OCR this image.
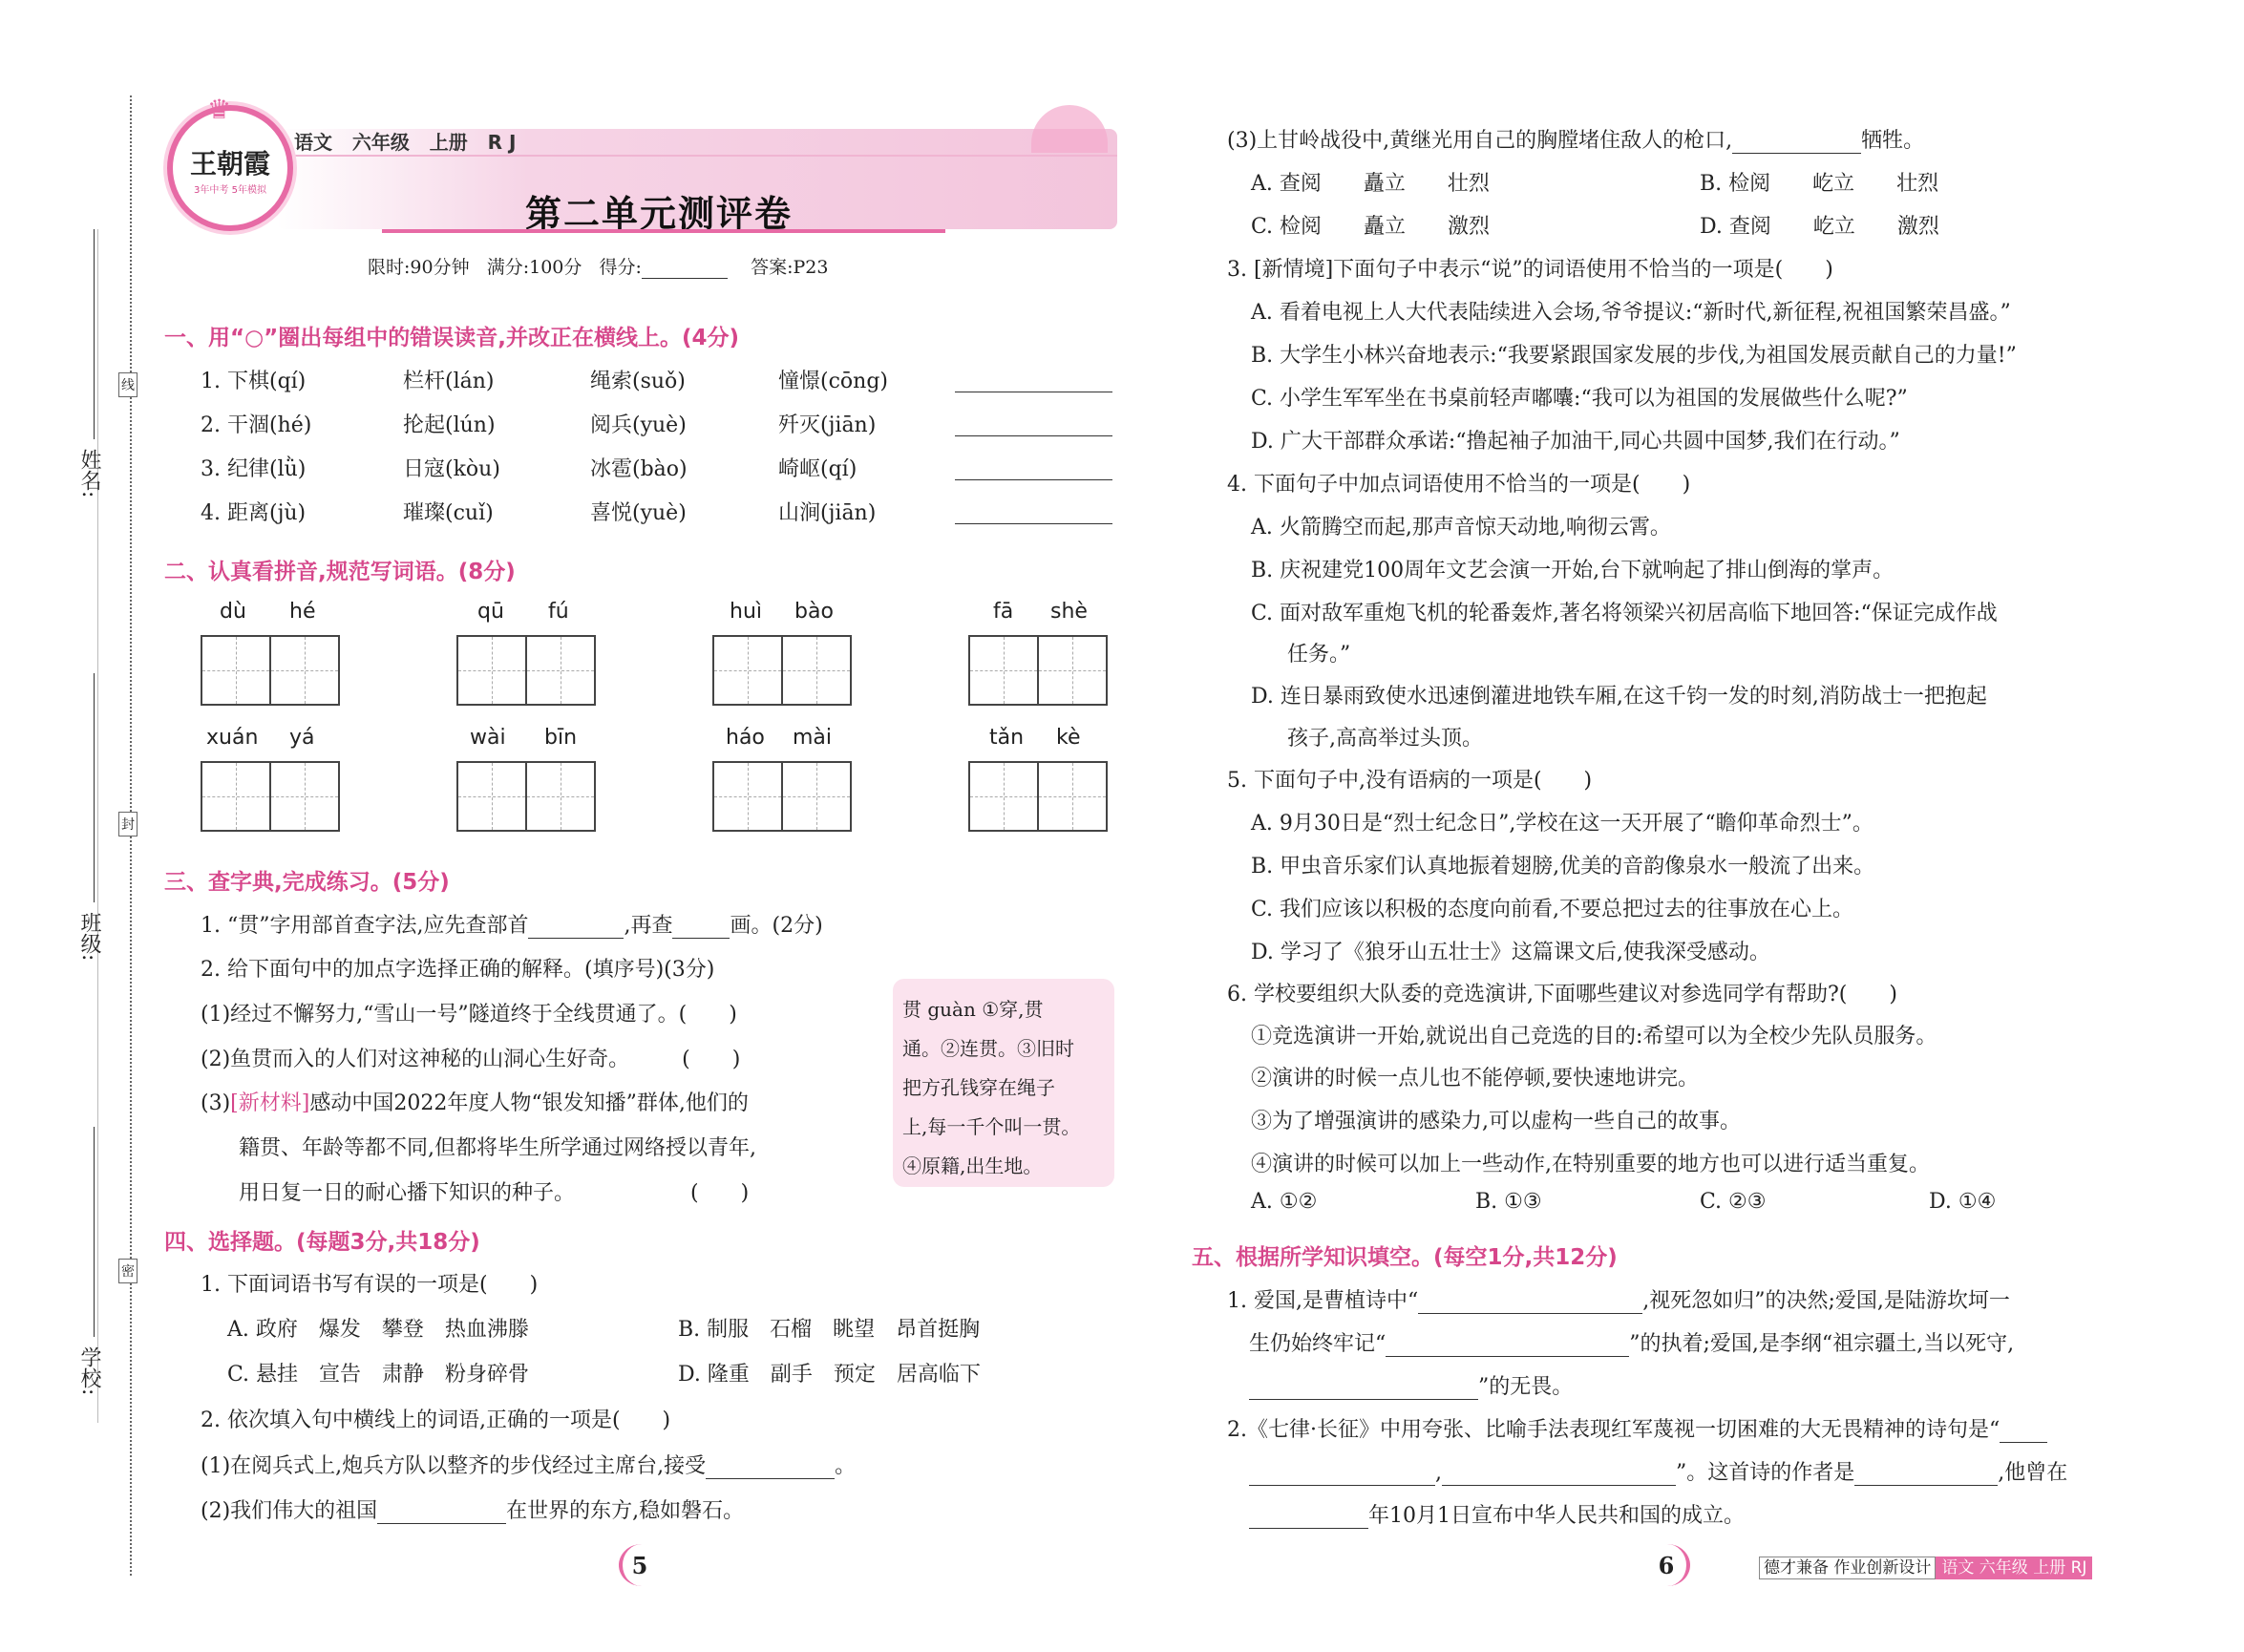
姓名:
班级:
学校:
线
封
密
♛
王朝霞
3年中考 5年模拟
语文 六年级 上册 R J
第二单元测评卷
限时:90分钟 满分:100分 得分:	答案:P23
一、用“○”圈出每组中的错误读音,并改正在横线上。(4分)
1. 下棋(qí)	栏杆(lán)	绳索(suǒ)	憧憬(cōng)
2. 干涸(hé)	抡起(lún)	阅兵(yuè)	歼灭(jiān)
3. 纪律(lǜ)	日寇(kòu)	冰雹(bào)	崎岖(qí)
4. 距离(jù)	璀璨(cuǐ)	喜悦(yuè)	山涧(jiān)
二、认真看拼音,规范写词语。(8分)
dù hé	qū fú	huì bào	fā shè
xuán yá	wài bīn	háo mài	tǎn kè
三、查字典,完成练习。(5分)
1. “贯”字用部首查字法,应先查部首	,再查	画。(2分)
2. 给下面句中的加点字选择正确的解释。(填序号)(3分)
(1)经过不懈努力,“雪山一号”隧道终于全线贯通了。(　　)
(2)鱼贯而入的人们对这神秘的山洞心生好奇。　　　(　　)
(3)[新材料]感动中国2022年度人物“银发知播”群体,他们的
籍贯、年龄等都不同,但都将毕生所学通过网络授以青年,
用日复一日的耐心播下知识的种子。　　　　　　(　　)
贯 guàn ①穿,贯
通。②连贯。③旧时
把方孔钱穿在绳子
上,每一千个叫一贯。
④原籍,出生地。
四、选择题。(每题3分,共18分)
1. 下面词语书写有误的一项是(　　)
A. 政府　爆发　攀登　热血沸滕	B. 制服　石榴　眺望　昂首挺胸
C. 悬挂　宣告　肃静　粉身碎骨	D. 隆重　副手　预定　居高临下
2. 依次填入句中横线上的词语,正确的一项是(　　)
(1)在阅兵式上,炮兵方队以整齐的步伐经过主席台,接受	。
(2)我们伟大的祖国	在世界的东方,稳如磐石。
5
(3)上甘岭战役中,黄继光用自己的胸膛堵住敌人的枪口,	牺牲。
A. 查阅　　矗立　　壮烈	B. 检阅　　屹立　　壮烈
C. 检阅　　矗立　　激烈	D. 查阅　　屹立　　激烈
3. [新情境]下面句子中表示“说”的词语使用不恰当的一项是(　　)
A. 看着电视上人大代表陆续进入会场,爷爷提议:“新时代,新征程,祝祖国繁荣昌盛。”
B. 大学生小林兴奋地表示:“我要紧跟国家发展的步伐,为祖国发展贡献自己的力量!”
C. 小学生军军坐在书桌前轻声嘟囔:“我可以为祖国的发展做些什么呢?”
D. 广大干部群众承诺:“撸起袖子加油干,同心共圆中国梦,我们在行动。”
4. 下面句子中加点词语使用不恰当的一项是(　　)
A. 火箭腾空而起,那声音惊天动地,响彻云霄。
B. 庆祝建党100周年文艺会演一开始,台下就响起了排山倒海的掌声。
C. 面对敌军重炮飞机的轮番轰炸,著名将领梁兴初居高临下地回答:“保证完成作战
任务。”
D. 连日暴雨致使水迅速倒灌进地铁车厢,在这千钧一发的时刻,消防战士一把抱起
孩子,高高举过头顶。
5. 下面句子中,没有语病的一项是(　　)
A. 9月30日是“烈士纪念日”,学校在这一天开展了“瞻仰革命烈士”。
B. 甲虫音乐家们认真地振着翅膀,优美的音韵像泉水一般流了出来。
C. 我们应该以积极的态度向前看,不要总把过去的往事放在心上。
D. 学习了《狼牙山五壮士》这篇课文后,使我深受感动。
6. 学校要组织大队委的竞选演讲,下面哪些建议对参选同学有帮助?(　　)
①竞选演讲一开始,就说出自己竞选的目的:希望可以为全校少先队员服务。
②演讲的时候一点儿也不能停顿,要快速地讲完。
③为了增强演讲的感染力,可以虚构一些自己的故事。
④演讲的时候可以加上一些动作,在特别重要的地方也可以进行适当重复。
A. ①②	B. ①③	C. ②③	D. ①④
五、根据所学知识填空。(每空1分,共12分)
1. 爱国,是曹植诗中“	,视死忽如归”的决然;爱国,是陆游坎坷一
生仍始终牢记“	”的执着;爱国,是李纲“祖宗疆土,当以死守,
”的无畏。
2.《七律·长征》中用夸张、比喻手法表现红军蔑视一切困难的大无畏精神的诗句是“
,	”。这首诗的作者是	,他曾在
年10月1日宣布中华人民共和国的成立。
6	德才兼备 作业创新设计 语文 六年级 上册 RJ
